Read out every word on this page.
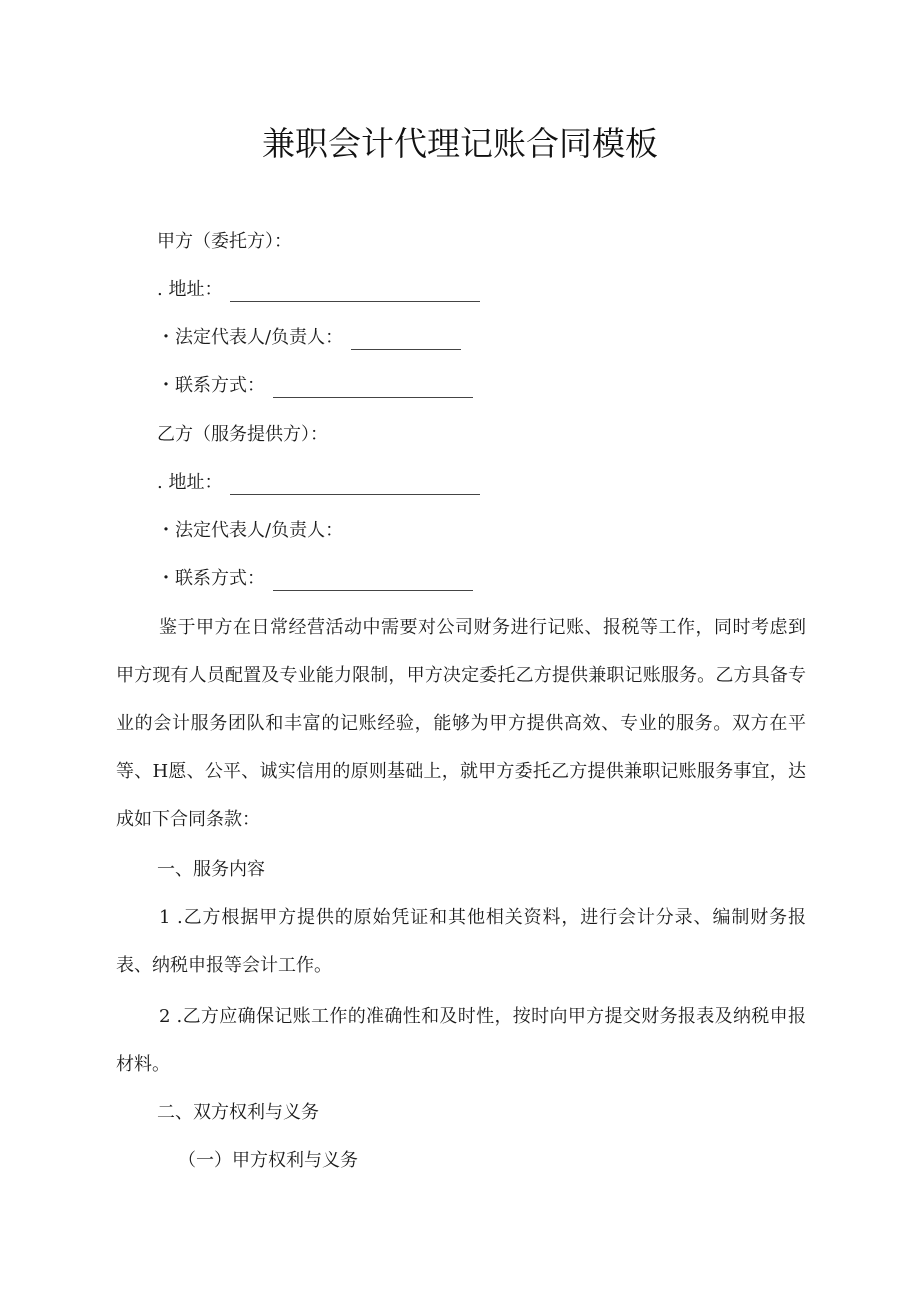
兼职会计代理记账合同模板
甲方（委托方）：
. 地址：
・法定代表人/负责人：
・联系方式：
乙方（服务提供方）：
. 地址：
・法定代表人/负责人：
・联系方式：
鉴于甲方在日常经营活动中需要对公司财务进行记账、报税等工作，同时考虑到甲方现有人员配置及专业能力限制，甲方决定委托乙方提供兼职记账服务。乙方具备专业的会计服务团队和丰富的记账经验，能够为甲方提供高效、专业的服务。双方在平等、H愿、公平、诚实信用的原则基础上，就甲方委托乙方提供兼职记账服务事宜，达成如下合同条款：
一、服务内容
1 .乙方根据甲方提供的原始凭证和其他相关资料，进行会计分录、编制财务报表、纳税申报等会计工作。
2 .乙方应确保记账工作的准确性和及时性，按时向甲方提交财务报表及纳税申报材料。
二、双方权利与义务
（一）甲方权利与义务
